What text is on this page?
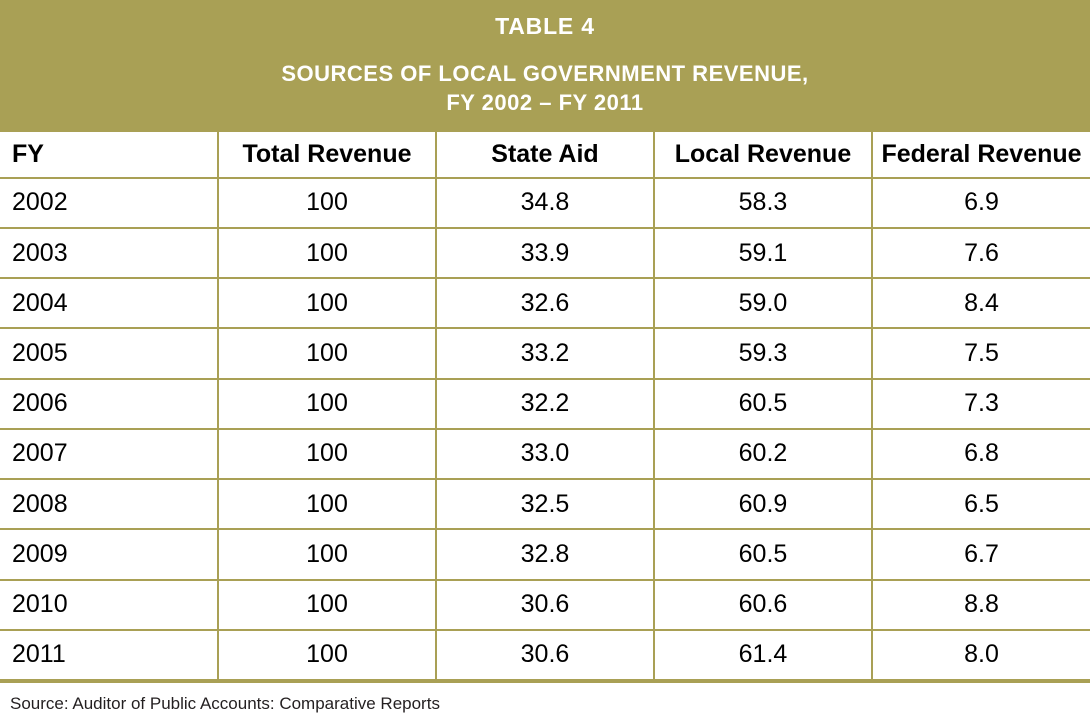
TABLE 4
SOURCES OF LOCAL GOVERNMENT REVENUE,
FY 2002 – FY 2011
FY	Total Revenue	State Aid	Local Revenue	Federal Revenue
2002	100	34.8	58.3	6.9
2003	100	33.9	59.1	7.6
2004	100	32.6	59.0	8.4
2005	100	33.2	59.3	7.5
2006	100	32.2	60.5	7.3
2007	100	33.0	60.2	6.8
2008	100	32.5	60.9	6.5
2009	100	32.8	60.5	6.7
2010	100	30.6	60.6	8.8
2011	100	30.6	61.4	8.0
Source: Auditor of Public Accounts: Comparative Reports
